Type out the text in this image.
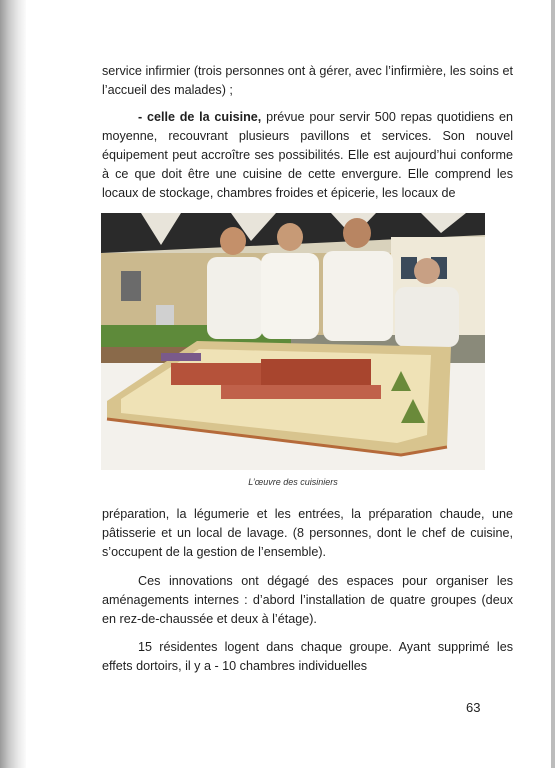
service infirmier (trois personnes ont à gérer, avec l’infirmière, les soins et l’accueil des malades) ;

- celle de la cuisine, prévue pour servir 500 repas quotidiens en moyenne, recouvrant plusieurs pavillons et services. Son nouvel équipement peut accroître ses possibilités. Elle est aujourd’hui conforme à ce que doit être une cuisine de cette envergure. Elle comprend les locaux de stockage, chambres froides et épicerie, les locaux de

L’œuvre des cuisiniers

préparation, la légumerie et les entrées, la préparation chaude, une pâtisserie et un local de lavage. (8 personnes, dont le chef de cuisine, s’occupent de la gestion de l’ensemble).

Ces innovations ont dégagé des espaces pour organiser les aménagements internes : d’abord l’installation de quatre groupes (deux en rez-de-chaussée et deux à l’étage).

15 résidentes logent dans chaque groupe. Ayant supprimé les effets dortoirs, il y a - 10 chambres individuelles

63
